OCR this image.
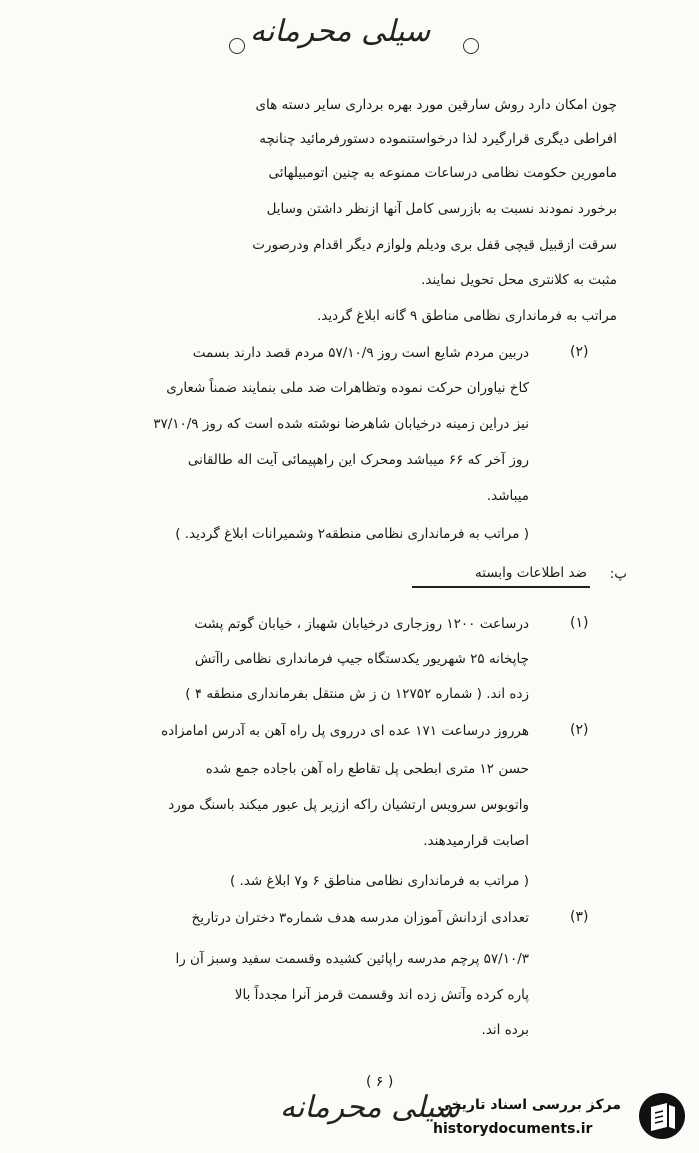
سیلی محرمانه
چون امکان دارد روش سارقین مورد بهره برداری سایر دسته های
افراطی دیگری قرارگیرد لذا درخواستنموده دستورفرمائید چنانچه
مامورین حکومت نظامی درساعات ممنوعه به چنین اتومبیلهائی
برخورد نمودند نسبت به بازرسی کامل آنها ازنظر داشتن وسایل
سرقت ازقبیل قیچی قفل بری ودیلم ولوازم دیگر اقدام ودرصورت
مثبت به کلانتری محل تحویل نمایند.
مراتب به فرمانداری نظامی مناطق ۹ گانه ابلاغ گردید.
(۲)
دربین مردم شایع است روز ۵۷/۱۰/۹ مردم قصد دارند بسمت
کاخ نیاوران حرکت نموده وتظاهرات ضد ملی بنمایند ضمناً شعاری
نیز دراین زمینه درخیابان شاهرضا نوشته شده است که روز ۳۷/۱۰/۹
روز آخر که ۶۶ میباشد ومحرک این راهپیمائی آیت اله طالقانی
میباشد.
( مراتب به فرمانداری نظامی منطقه۲ وشمیرانات ابلاغ گردید. )
پ:
ضد اطلاعات وابسته
(۱)
درساعت ۱۲۰۰ روزجاری درخیابان شهباز ، خیابان گوتم پشت
چاپخانه ۲۵ شهریور یکدستگاه جیپ فرمانداری نظامی راآتش
زده اند. ( شماره ۱۲۷۵۲ ن ز ش منتقل بفرمانداری منطقه ۴ )
(۲)
هرروز درساعت ۱۷۱ عده ای درروی پل راه آهن به آدرس امامزاده
حسن ۱۲ متری ابطحی پل تقاطع راه آهن باجاده جمع شده
واتوبوس سرویس ارتشیان راکه اززیر پل عبور میکند باسنگ مورد
اصابت قرارمیدهند.
( مراتب به فرمانداری نظامی مناطق ۶ و۷ ابلاغ شد. )
(۳)
تعدادی ازدانش آموزان مدرسه هدف شماره۳ دختران درتاریخ
۵۷/۱۰/۳ پرچم مدرسه راپائین کشیده وقسمت سفید وسبز آن را
پاره کرده وآتش زده اند وقسمت قرمز آنرا مجدداً بالا
برده اند.
( ۶ )
سیلی محرمانه
مرکز بررسی اسناد تاریخی
historydocuments.ir
